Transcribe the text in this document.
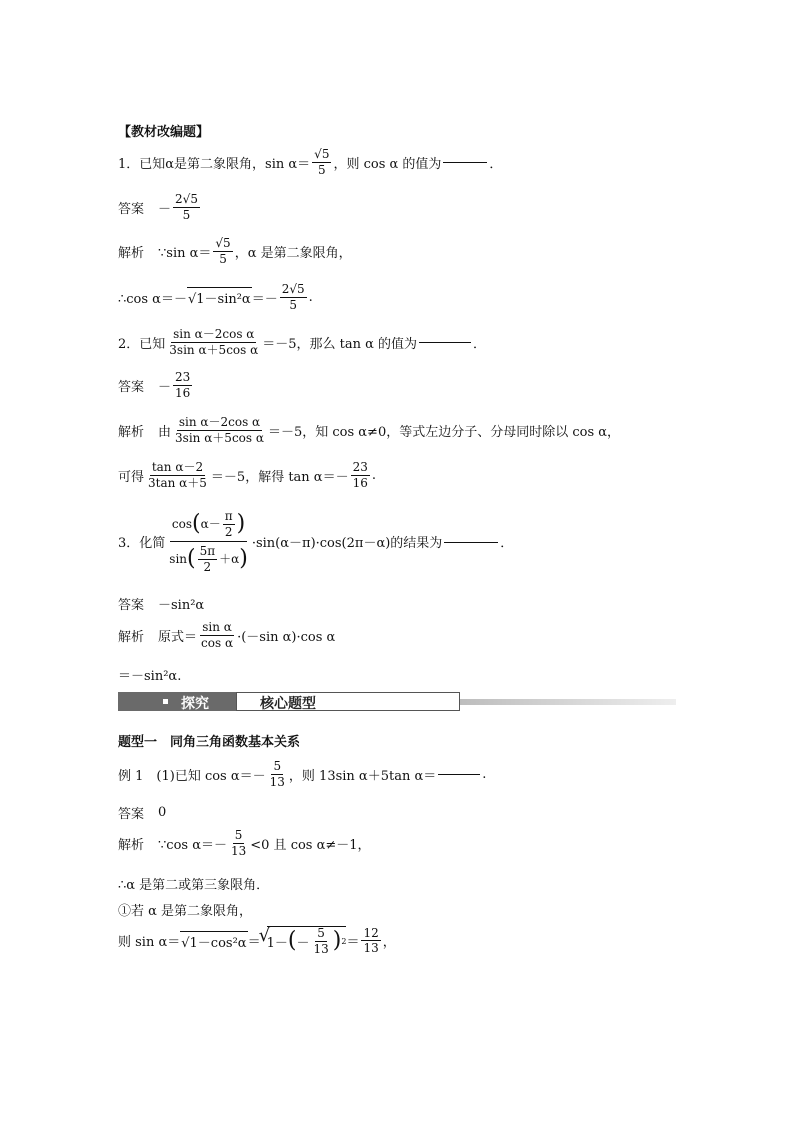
【教材改编题】
1．已知α是第二象限角，$\sin \alpha= \frac{√5}{5}$ ，则 cos α 的值为	．
答案 － $\frac{2√5}{5}$
解析 ∵sin $\alpha= \frac{√5}{5}$ ，α 是第二象限角，
∴cos $\alpha=- √1-\sin^2\alpha =- \frac{2√5}{5}$ .
2．已知 $\frac{\text{sin α－2cos α}}{\text{3sin α＋5cos α}} =-5$，那么 tan α 的值为	．
答案 － $\frac{23}{16}$
解析 由 $\frac{\text{sin α－2cos α}}{\text{3sin α＋5cos α}} =-5$，知 cos α≠0，等式左边分子、分母同时除以 cos α，
可得 $\frac{\text{tan α－2}}{\text{3tan α＋5}} =-5$，解得 $\tan \alpha=- \frac{23}{16}$ .
3．化简
cos ( $\alpha- \frac{\pi}{2}$ )
sin ( $\frac{5\pi}{2} +\alpha$ )
·sin(α－π)·cos(2π－α)的结果为	．
答案 －sin²α
解析 原式＝ $\frac{\text{sin α}}{\text{cos α}} \cdot(-\sin$ α)·cos α
＝－sin²α.
探究	核心题型
题型一　同角三角函数基本关系
例 1　(1)已知 $\cos \alpha=- \frac{5}{13}$ ，则 13sin α＋5tan α＝	.
答案 0
解析 ∵cos $\alpha=- \frac{5}{13} <0$ 且 cos α≠－1，
∴α 是第二或第三象限角．
①若 α 是第二象限角，
则 sin α＝ √1－cos²α ＝
√
1－ ( － $\frac{5}{13}$ ) $2 = \frac{12}{13}$ ，
